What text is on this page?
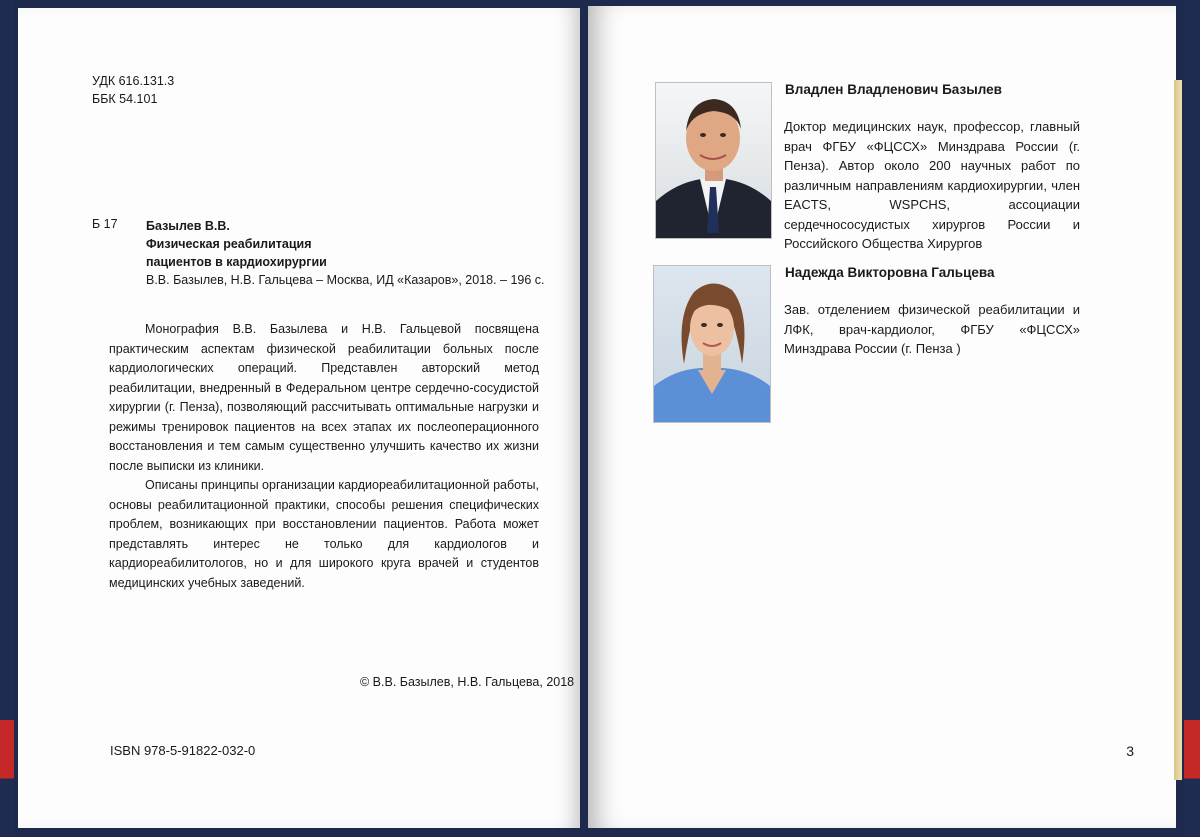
УДК 616.131.3
ББК 54.101
Б 17 Базылев В.В.
Физическая реабилитация
пациентов в кардиохирургии
В.В. Базылев, Н.В. Гальцева – Москва, ИД «Казаров», 2018. – 196 с.

Монография В.В. Базылева и Н.В. Гальцевой посвящена практическим аспектам физической реабилитации больных после кардиологических операций. Представлен авторский метод реабилитации, внедренный в Федеральном центре сердечно-сосудистой хирургии (г. Пенза), позволяющий рассчитывать оптимальные нагрузки и режимы тренировок пациентов на всех этапах их послеоперационного восстановления и тем самым существенно улучшить качество их жизни после выписки из клиники.

Описаны принципы организации кардиореабилитационной работы, основы реабилитационной практики, способы решения специфических проблем, возникающих при восстановлении пациентов. Работа может представлять интерес не только для кардиологов и кардиореабилитологов, но и для широкого круга врачей и студентов медицинских учебных заведений.

© В.В. Базылев, Н.В. Гальцева, 2018
ISBN 978-5-91822-032-0
Владлен Владленович Базылев
Доктор медицинских наук, профессор, главный врач ФГБУ «ФЦССХ» Минздрава России (г. Пенза). Автор около 200 научных работ по различным направлениям кардиохирургии, член EACTS, WSPCHS, ассоциации сердечнососудистых хирургов России и Российского Общества Хирургов
Надежда Викторовна Гальцева
Зав. отделением физической реабилитации и ЛФК, врач-кардиолог, ФГБУ «ФЦССХ» Минздрава России (г. Пенза )
3
